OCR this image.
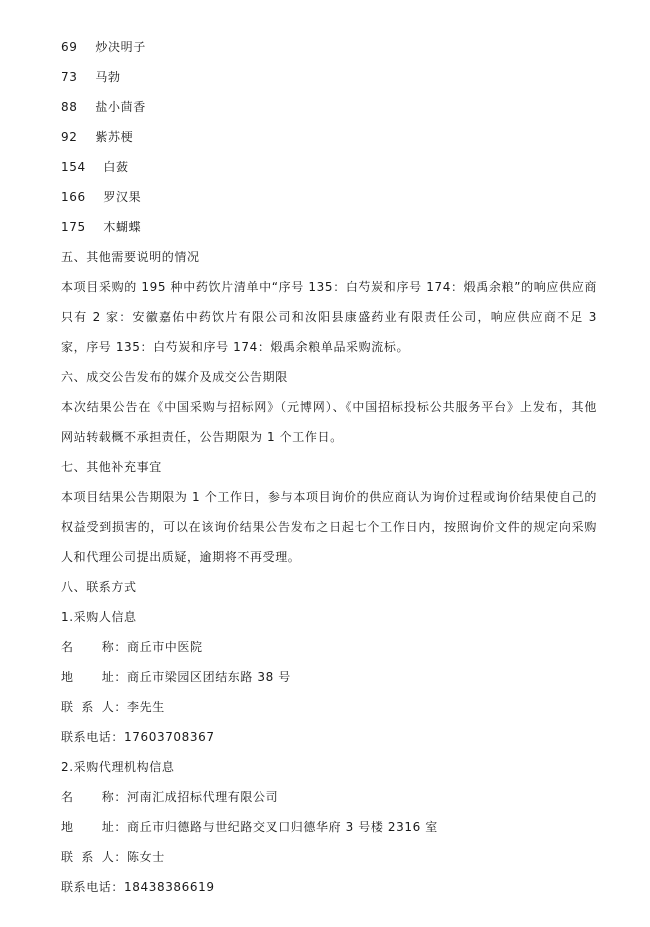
69 炒决明子
73 马勃
88 盐小茴香
92 紫苏梗
154 白蔹
166 罗汉果
175 木蝴蝶
五、其他需要说明的情况
本项目采购的 195 种中药饮片清单中“序号 135：白芍炭和序号 174：煅禹余粮”的响应供应商只有 2 家：安徽嘉佑中药饮片有限公司和汝阳县康盛药业有限责任公司，响应供应商不足 3 家，序号 135：白芍炭和序号 174：煅禹余粮单品采购流标。
六、成交公告发布的媒介及成交公告期限
本次结果公告在《中国采购与招标网》（元博网）、《中国招标投标公共服务平台》上发布，其他网站转载概不承担责任，公告期限为 1 个工作日。
七、其他补充事宜
本项目结果公告期限为 1 个工作日，参与本项目询价的供应商认为询价过程或询价结果使自己的权益受到损害的，可以在该询价结果公告发布之日起七个工作日内，按照询价文件的规定向采购人和代理公司提出质疑，逾期将不再受理。
八、联系方式
1.采购人信息
名 称： 商丘市中医院
地 址： 商丘市梁园区团结东路 38 号
联 系 人： 李先生
联系电话：17603708367
2.采购代理机构信息
名 称： 河南汇成招标代理有限公司
地 址： 商丘市归德路与世纪路交叉口归德华府 3 号楼 2316 室
联 系 人： 陈女士
联系电话：18438386619
